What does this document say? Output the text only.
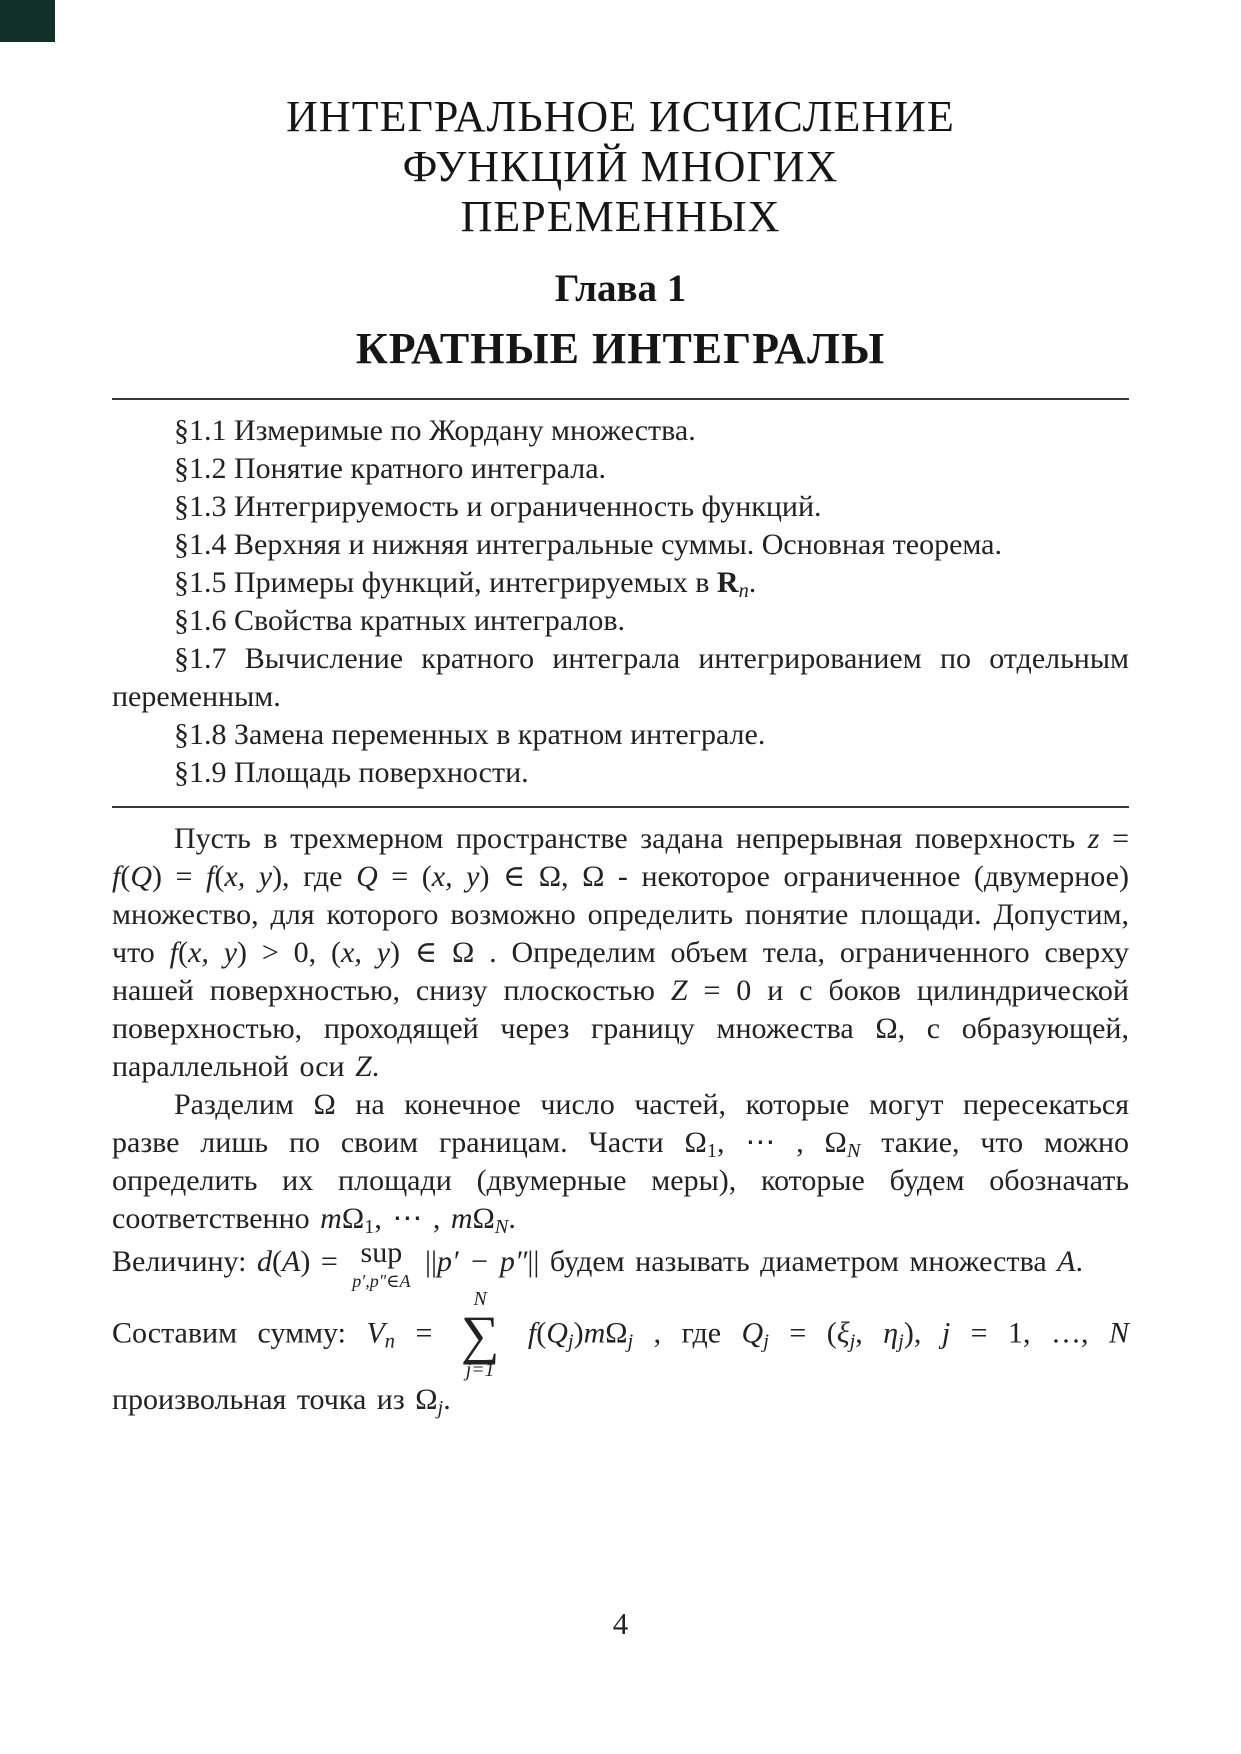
ИНТЕГРАЛЬНОЕ ИСЧИСЛЕНИЕ
ФУНКЦИЙ МНОГИХ
ПЕРЕМЕННЫХ
Глава 1
КРАТНЫЕ ИНТЕГРАЛЫ
§1.1 Измеримые по Жордану множества.
§1.2 Понятие кратного интеграла.
§1.3 Интегрируемость и ограниченность функций.
§1.4 Верхняя и нижняя интегральные суммы. Основная теорема.
§1.5 Примеры функций, интегрируемых в Rn.
§1.6 Свойства кратных интегралов.
§1.7 Вычисление кратного интеграла интегрированием по отдельным переменным.
§1.8 Замена переменных в кратном интеграле.
§1.9 Площадь поверхности.
Пусть в трехмерном пространстве задана непрерывная поверхность z = f(Q) = f(x, y), где Q = (x, y) ∈ Ω, Ω - некоторое ограниченное (двумерное) множество, для которого возможно определить понятие площади. Допустим, что f(x, y) > 0, (x, y) ∈ Ω . Определим объем тела, ограниченного сверху нашей поверхностью, снизу плоскостью Z = 0 и с боков цилиндрической поверхностью, проходящей через границу множества Ω, с образующей, параллельной оси Z.
Разделим Ω на конечное число частей, которые могут пересекаться разве лишь по своим границам. Части $\Omega_1$, ⋯ , ΩN такие, что можно определить их площади (двумерные меры), которые будем обозначать соответственно $m\Omega_1$, ⋯ , mΩN.
Величину: d(A) = sup
p′,p″∈A
||p′ − p″|| будем называть диаметром множества A.
Составим сумму: Vn =
N
∑
j=1
f(Qj)mΩj , где Qj = (ξj, ηj), j = 1, …, N произвольная точка из Ωj.
4
